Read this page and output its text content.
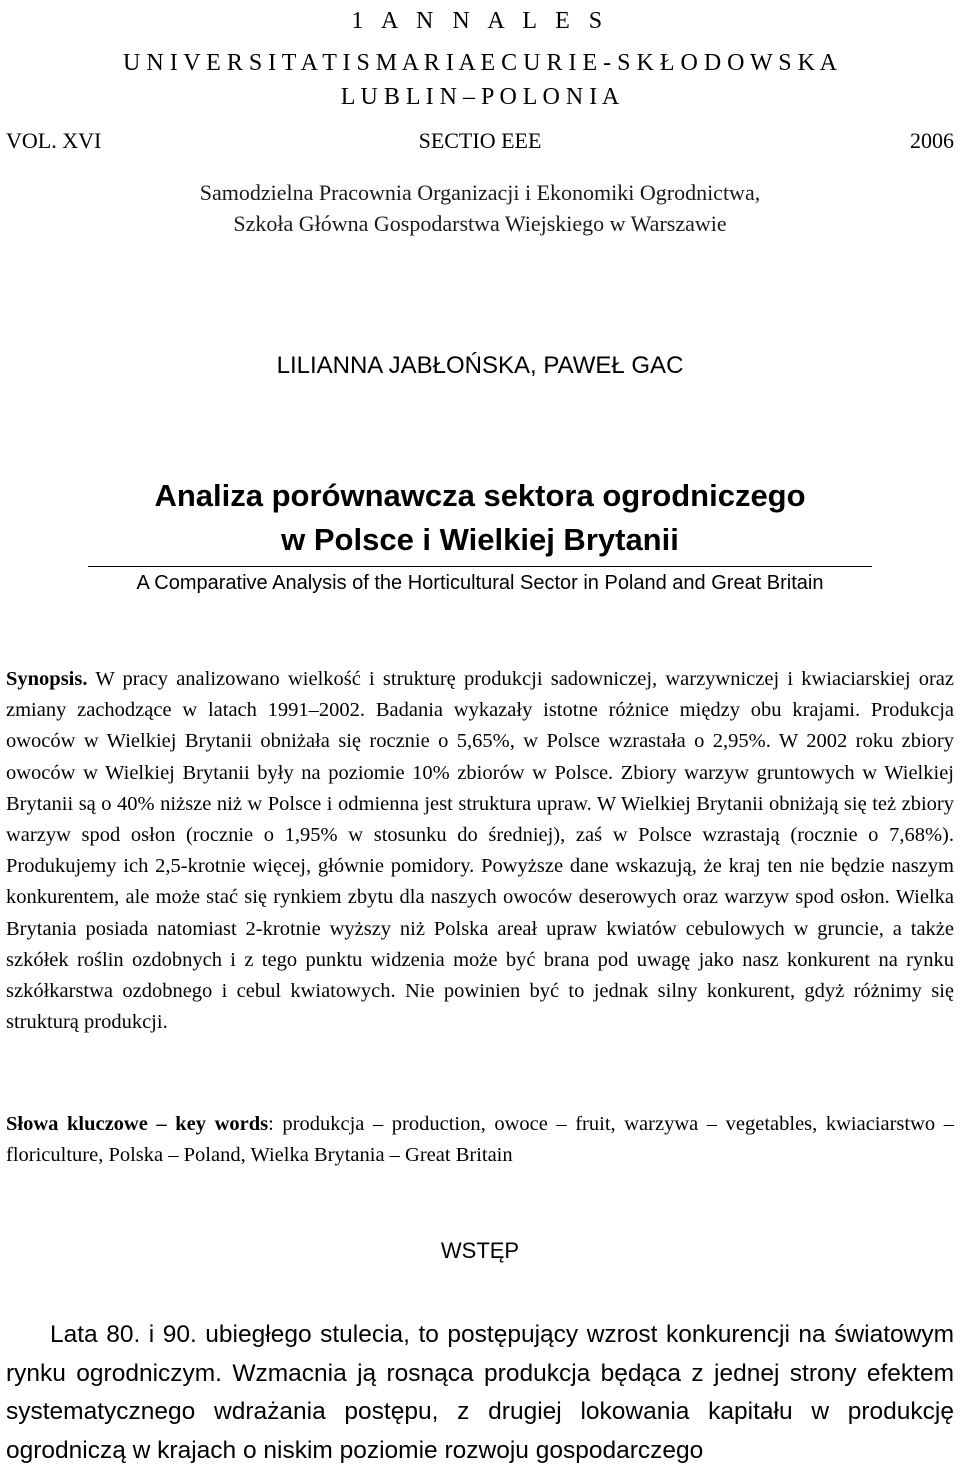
1 A N N A L E S
U N I V E R S I T A T I S M A R I A E C U R I E - S K Ł O D O W S K A
L U B L I N – P O L O N I A
VOL. XVI	SECTIO EEE	2006
Samodzielna Pracownia Organizacji i Ekonomiki Ogrodnictwa,
Szkoła Główna Gospodarstwa Wiejskiego w Warszawie
LILIANNA JABŁOŃSKA, PAWEŁ GAC
Analiza porównawcza sektora ogrodniczego
w Polsce i Wielkiej Brytanii
A Comparative Analysis of the Horticultural Sector in Poland and Great Britain

Synopsis. W pracy analizowano wielkość i strukturę produkcji sadowniczej, warzywniczej i kwiaciarskiej oraz zmiany zachodzące w latach 1991–2002. Badania wykazały istotne różnice między obu krajami. Produkcja owoców w Wielkiej Brytanii obniżała się rocznie o 5,65%, w Polsce wzrastała o 2,95%. W 2002 roku zbiory owoców w Wielkiej Brytanii były na poziomie 10% zbiorów w Polsce. Zbiory warzyw gruntowych w Wielkiej Brytanii są o 40% niższe niż w Polsce i odmienna jest struktura upraw. W Wielkiej Brytanii obniżają się też zbiory warzyw spod osłon (rocznie o 1,95% w stosunku do średniej), zaś w Polsce wzrastają (rocznie o 7,68%). Produkujemy ich 2,5-krotnie więcej, głównie pomidory. Powyższe dane wskazują, że kraj ten nie będzie naszym konkurentem, ale może stać się rynkiem zbytu dla naszych owoców deserowych oraz warzyw spod osłon. Wielka Brytania posiada natomiast 2-krotnie wyższy niż Polska areał upraw kwiatów cebulowych w gruncie, a także szkółek roślin ozdobnych i z tego punktu widzenia może być brana pod uwagę jako nasz konkurent na rynku szkółkarstwa ozdobnego i cebul kwiatowych. Nie powinien być to jednak silny konkurent, gdyż różnimy się strukturą produkcji.

Słowa kluczowe – key words: produkcja – production, owoce – fruit, warzywa – vegetables, kwiaciarstwo – floriculture, Polska – Poland, Wielka Brytania – Great Britain

WSTĘP

Lata 80. i 90. ubiegłego stulecia, to postępujący wzrost konkurencji na światowym rynku ogrodniczym. Wzmacnia ją rosnąca produkcja będąca z jednej strony efektem systematycznego wdrażania postępu, z drugiej lokowania kapitału w produkcję ogrodniczą w krajach o niskim poziomie rozwoju gospodarczego
